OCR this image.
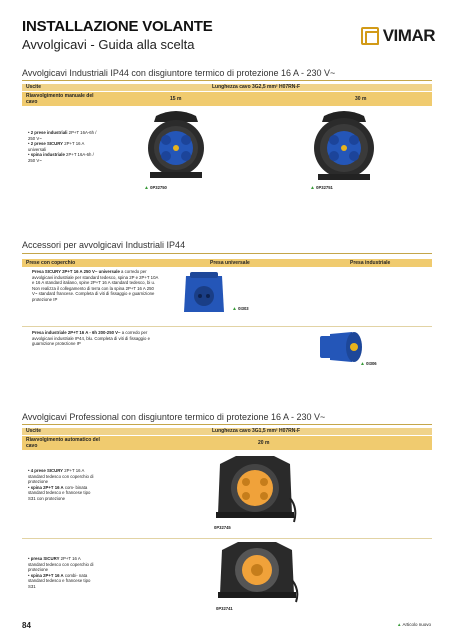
INSTALLAZIONE VOLANTE
Avvolgicavi - Guida alla scelta	VIMAR
Avvolgicavi Industriali IP44 con disgiuntore termico di protezione 16 A - 230 V~
Uscite	Lunghezza cavo 3G2,5 mm² H07RN-F
Riavvolgimento manuale del cavo	15 m	30 m
• 2 prese industriali 2P+T 16A-6h / 250 V~
• 2 prese SICURY 2P+T 16 A universali
• spina industriale 2P+T 16A-6h / 250 V~
▲ 0P32750	▲ 0P32751
Accessori per avvolgicavi Industriali IP44
Prese con coperchio	Presa universale	Presa industriale
Presa SICURY 2P+T 16 A 250 V~ universale a corredo per avvolgicavi industriale per standard tedesco, spina 2P e 2P+T 10A e 16 A standard italiano, spine 2P+T 16 A standard tedesco, bi u. Non realizza il collegamento di terra con la spina 2P+T 16 A 250 V~ standard francese. Completa di viti di fissaggio e guarnizione protezione IP
▲ 0I303
Presa industriale 2P+T 16 A - 6h 200-250 V~ a corredo per avvolgicavi industriale IP44, blu. Completa di viti di fissaggio e guarnizione protezione IP
▲ 0I306
Avvolgicavi Professional con disgiuntore termico di protezione 16 A - 230 V~
Uscite	Lunghezza cavo 3G1,5 mm² H07RN-F
Riavvolgimento automatico del cavo	20 m
• 4 prese SICURY 2P+T 16 A standard tedesco con coperchio di protezione
• spina 2P+T 16 A com- binata standard tedesco e francese tipo S31 con protezione
0P32745
• presa SICURY 2P+T 16 A standard tedesco con coperchio di protezione
• spina 2P+T 16 A combi- nata standard tedesco e francese tipo S31
0P32741
84	▲ Articolo nuovo
